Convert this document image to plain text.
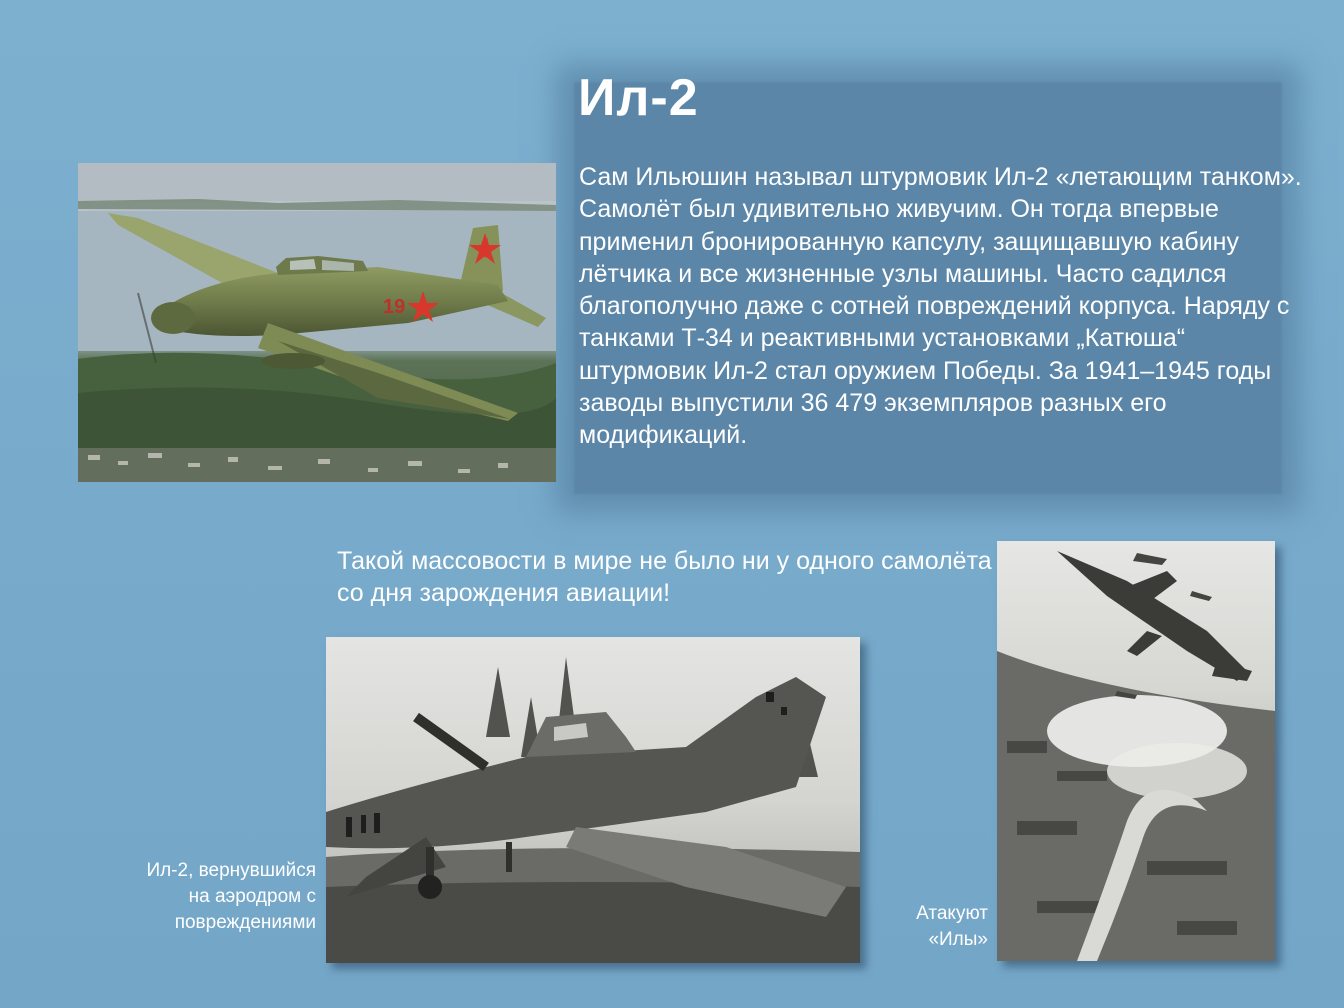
Ил-2

Сам Ильюшин называл штурмовик Ил-2 «летающим танком». Самолёт был удивительно живучим. Он тогда впервые применил бронированную капсулу, защищавшую кабину лётчика и все жизненные узлы машины. Часто садился благополучно даже с сотней повреждений корпуса. Наряду с танками Т-34 и реактивными установками „Катюша“ штурмовик Ил-2 стал оружием Победы. За 1941–1945 годы заводы выпустили 36 479 экземпляров разных его модификаций.

19
Такой массовости в мире не было ни у одного самолёта со дня зарождения авиации!
Ил-2, вернувшийся на аэродром с повреждениями	Атакуют «Илы»
